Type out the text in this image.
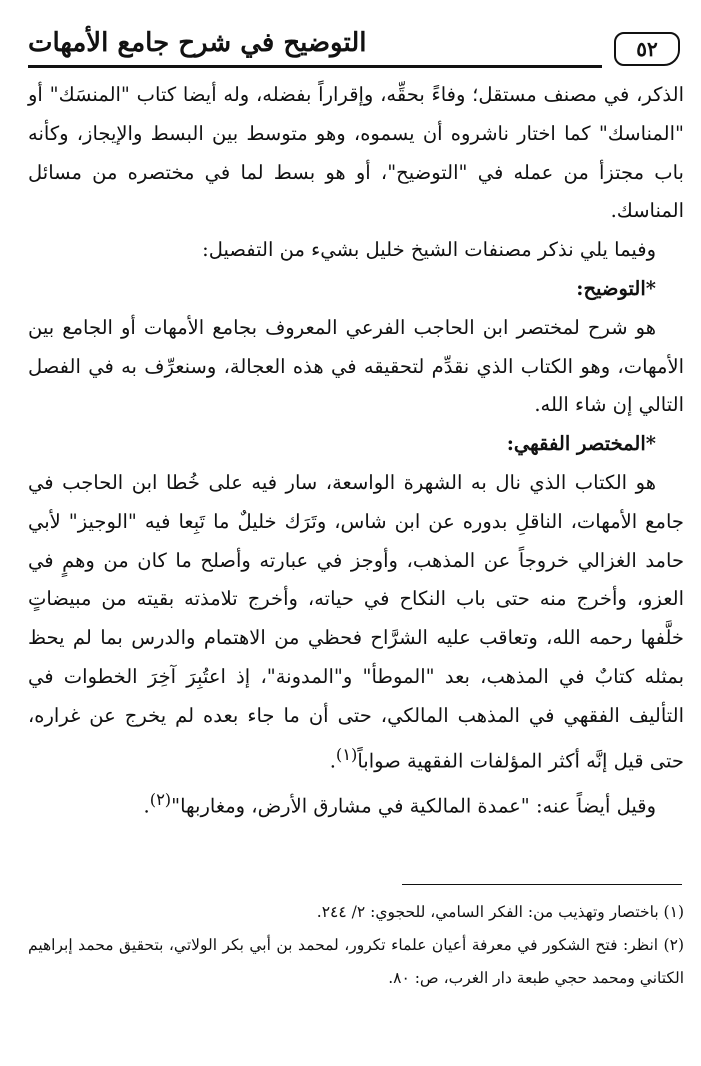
٥٢
التوضيح في شرح جامع الأمهات

الذكر، في مصنف مستقل؛ وفاءً بحقِّه، وإقراراً بفضله، وله أيضا كتاب "المنسَك" أو "المناسك" كما اختار ناشروه أن يسموه، وهو متوسط بين البسط والإيجاز، وكأنه باب مجتزأ من عمله في "التوضيح"، أو هو بسط لما في مختصره من مسائل المناسك.

وفيما يلي نذكر مصنفات الشيخ خليل بشيء من التفصيل:

*التوضيح:

هو شرح لمختصر ابن الحاجب الفرعي المعروف بجامع الأمهات أو الجامع بين الأمهات، وهو الكتاب الذي نقدِّم لتحقيقه في هذه العجالة، وسنعرِّف به في الفصل التالي إن شاء الله.

*المختصر الفقهي:

هو الكتاب الذي نال به الشهرة الواسعة، سار فيه على خُطا ابن الحاجب في جامع الأمهات، الناقلِ بدوره عن ابن شاس، وتَرَك خليلٌ ما تَبِعا فيه "الوجيز" لأبي حامد الغزالي خروجاً عن المذهب، وأوجز في عبارته وأصلح ما كان من وهمٍ في العزو، وأخرج منه حتى باب النكاح في حياته، وأخرج تلامذته بقيته من مبيضاتٍ خلَّفها رحمه الله، وتعاقب عليه الشرَّاح فحظي من الاهتمام والدرس بما لم يحظ بمثله كتابٌ في المذهب، بعد "الموطأ" و"المدونة"، إذ اعتُبِرَ آخِرَ الخطوات في التأليف الفقهي في المذهب المالكي، حتى أن ما جاء بعده لم يخرج عن غراره، حتى قيل إنَّه أكثر المؤلفات الفقهية صواباً$^{(١)}$.

وقيل أيضاً عنه: "عمدة المالكية في مشارق الأرض، ومغاربها"$^{(٢)}$.

(١) باختصار وتهذيب من: الفكر السامي، للحجوي: ٢/ ٢٤٤.

(٢) انظر: فتح الشكور في معرفة أعيان علماء تكرور، لمحمد بن أبي بكر الولاتي، بتحقيق محمد إبراهيم الكتاني ومحمد حجي طبعة دار الغرب، ص: ٨٠.
